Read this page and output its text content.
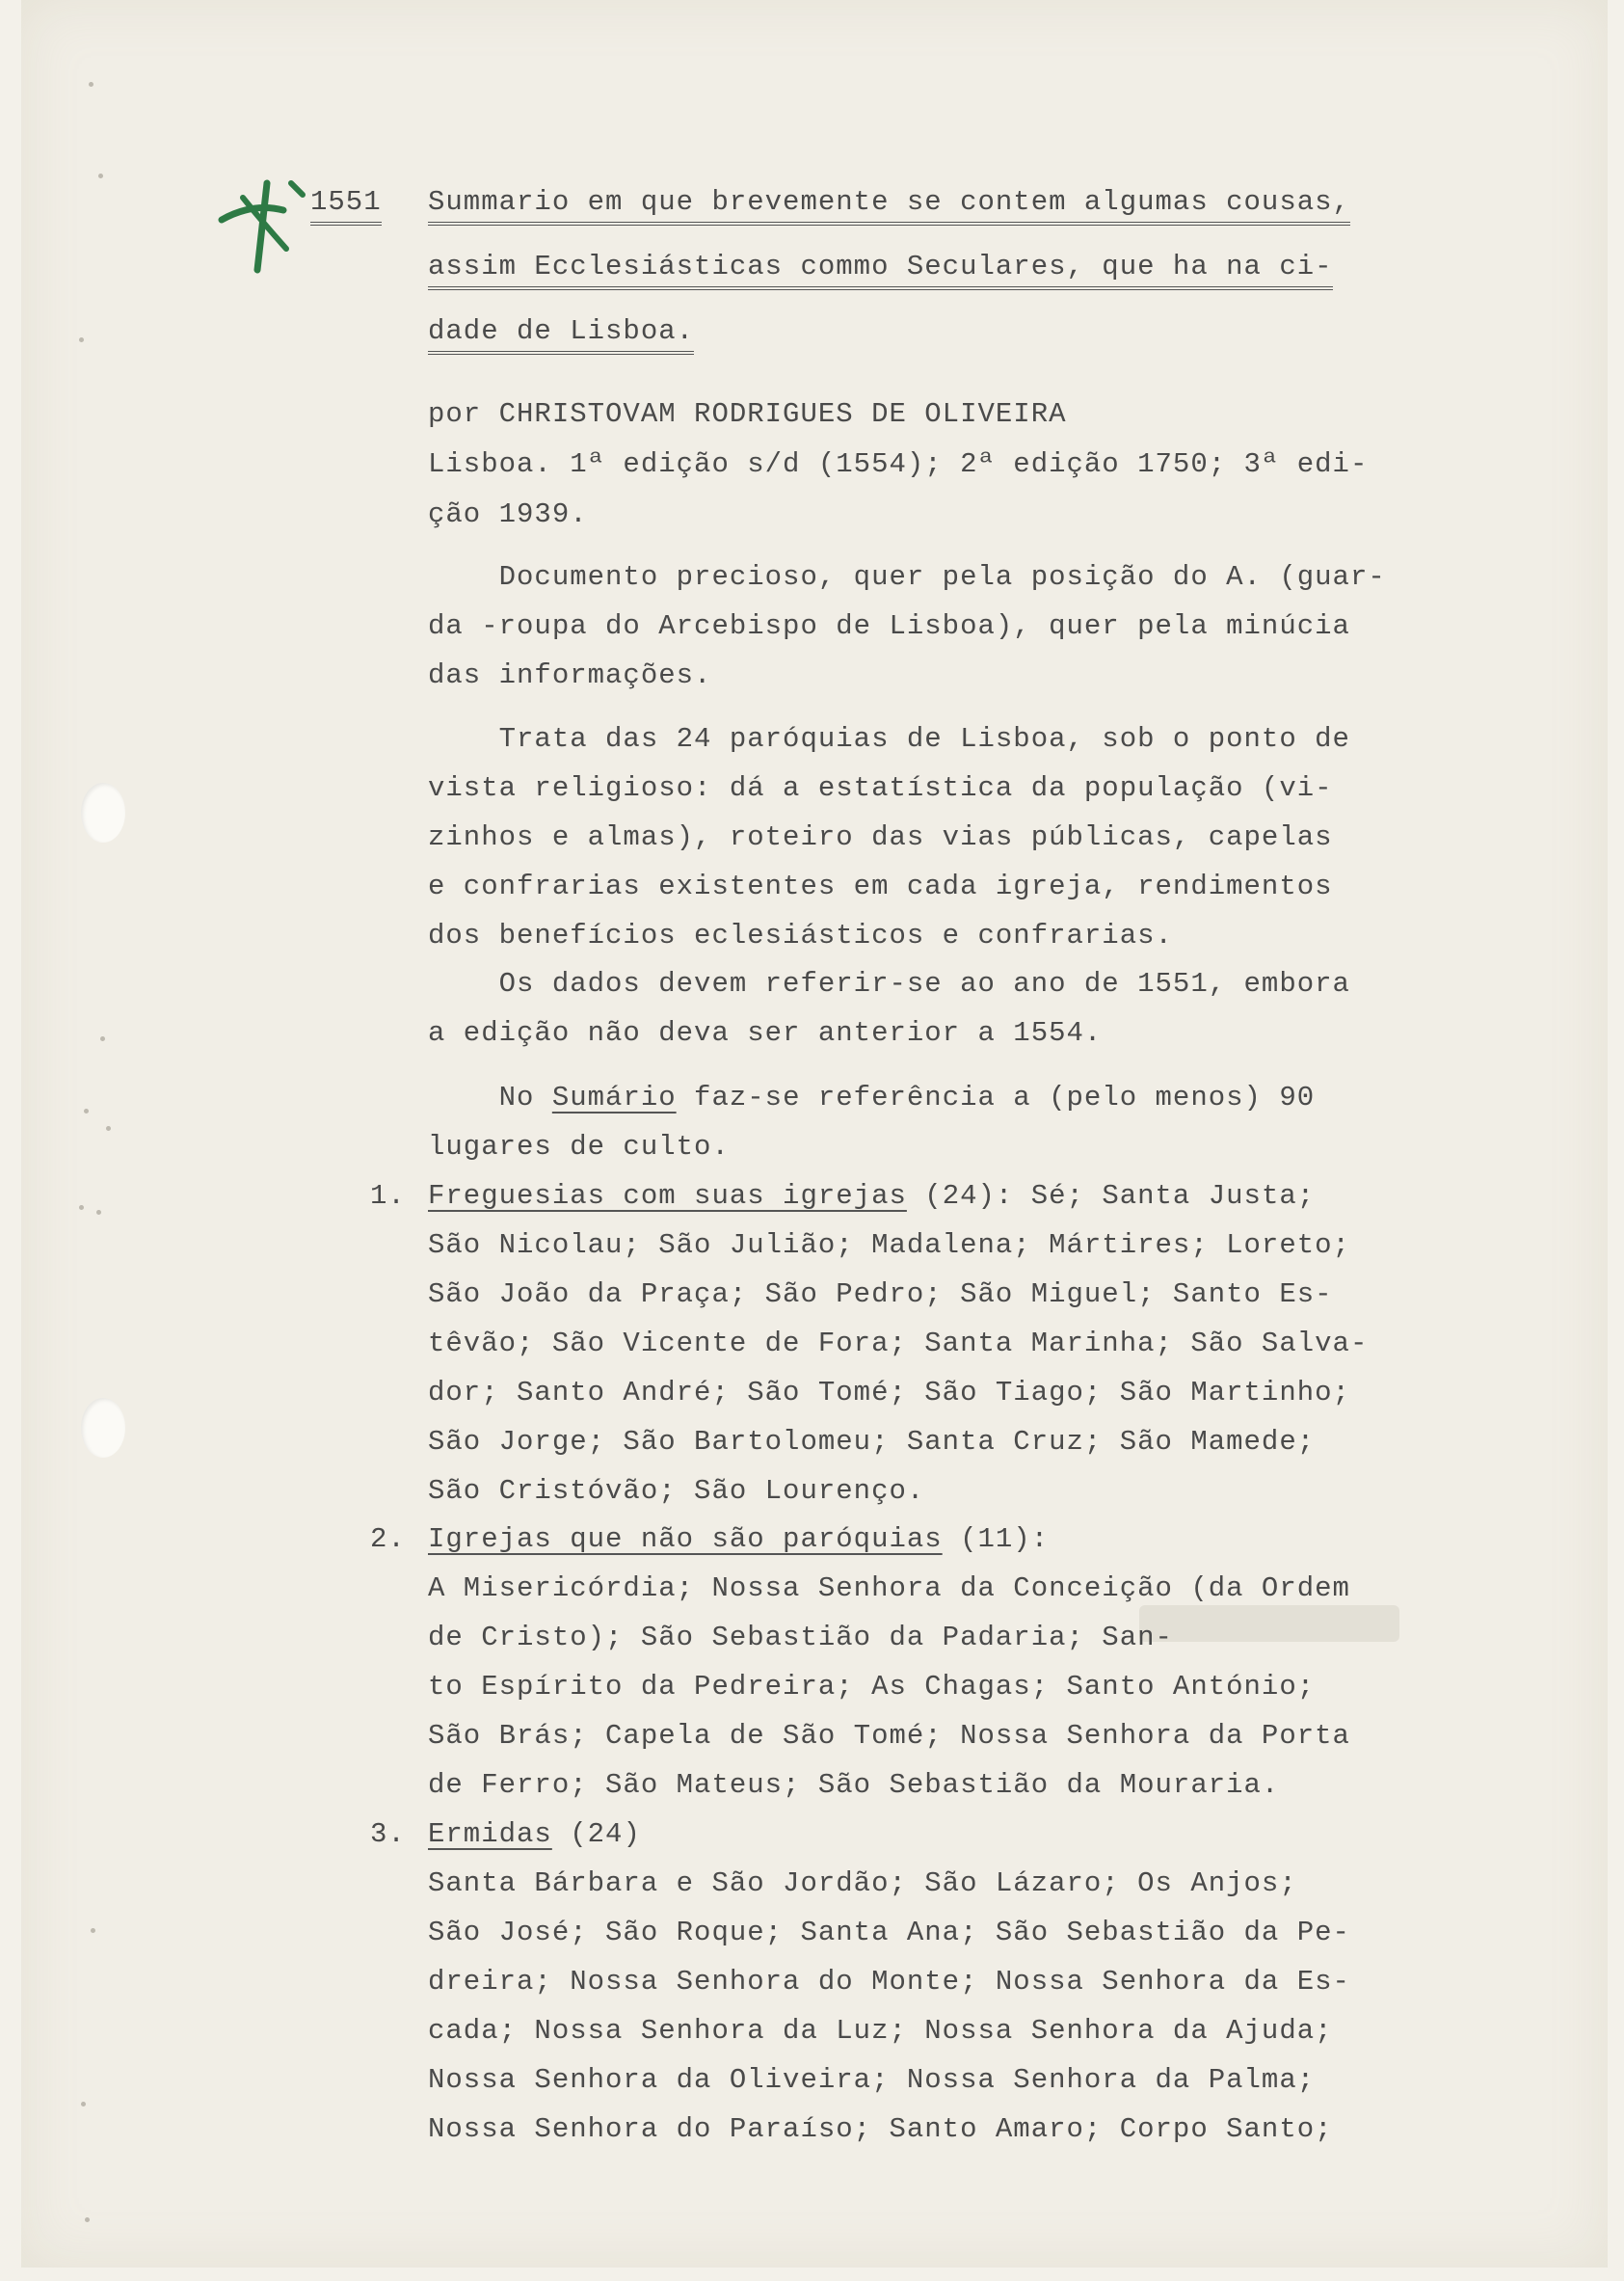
1551 Summario em que brevemente se contem algumas cousas,
assim Ecclesiásticas commo Seculares, que ha na ci-
dade de Lisboa.
por CHRISTOVAM RODRIGUES DE OLIVEIRA
Lisboa. 1ª edição s/d (1554); 2ª edição 1750; 3ª edi-
ção 1939.
Documento precioso, quer pela posição do A. (guar-
da -roupa do Arcebispo de Lisboa), quer pela minúcia
das informações.
Trata das 24 paróquias de Lisboa, sob o ponto de
vista religioso: dá a estatística da população (vi-
zinhos e almas), roteiro das vias públicas, capelas
e confrarias existentes em cada igreja, rendimentos
dos benefícios eclesiásticos e confrarias.
Os dados devem referir-se ao ano de 1551, embora
a edição não deva ser anterior a 1554.
No Sumário faz-se referência a (pelo menos) 90
lugares de culto.
1. Freguesias com suas igrejas (24): Sé; Santa Justa;
São Nicolau; São Julião; Madalena; Mártires; Loreto;
São João da Praça; São Pedro; São Miguel; Santo Es-
têvão; São Vicente de Fora; Santa Marinha; São Salva-
dor; Santo André; São Tomé; São Tiago; São Martinho;
São Jorge; São Bartolomeu; Santa Cruz; São Mamede;
São Cristóvão; São Lourenço.
2. Igrejas que não são paróquias (11):
A Misericórdia; Nossa Senhora da Conceição (da Ordem
de Cristo); São Sebastião da Padaria; San-
to Espírito da Pedreira; As Chagas; Santo António;
São Brás; Capela de São Tomé; Nossa Senhora da Porta
de Ferro; São Mateus; São Sebastião da Mouraria.
3. Ermidas (24)
Santa Bárbara e São Jordão; São Lázaro; Os Anjos;
São José; São Roque; Santa Ana; São Sebastião da Pe-
dreira; Nossa Senhora do Monte; Nossa Senhora da Es-
cada; Nossa Senhora da Luz; Nossa Senhora da Ajuda;
Nossa Senhora da Oliveira; Nossa Senhora da Palma;
Nossa Senhora do Paraíso; Santo Amaro; Corpo Santo;
